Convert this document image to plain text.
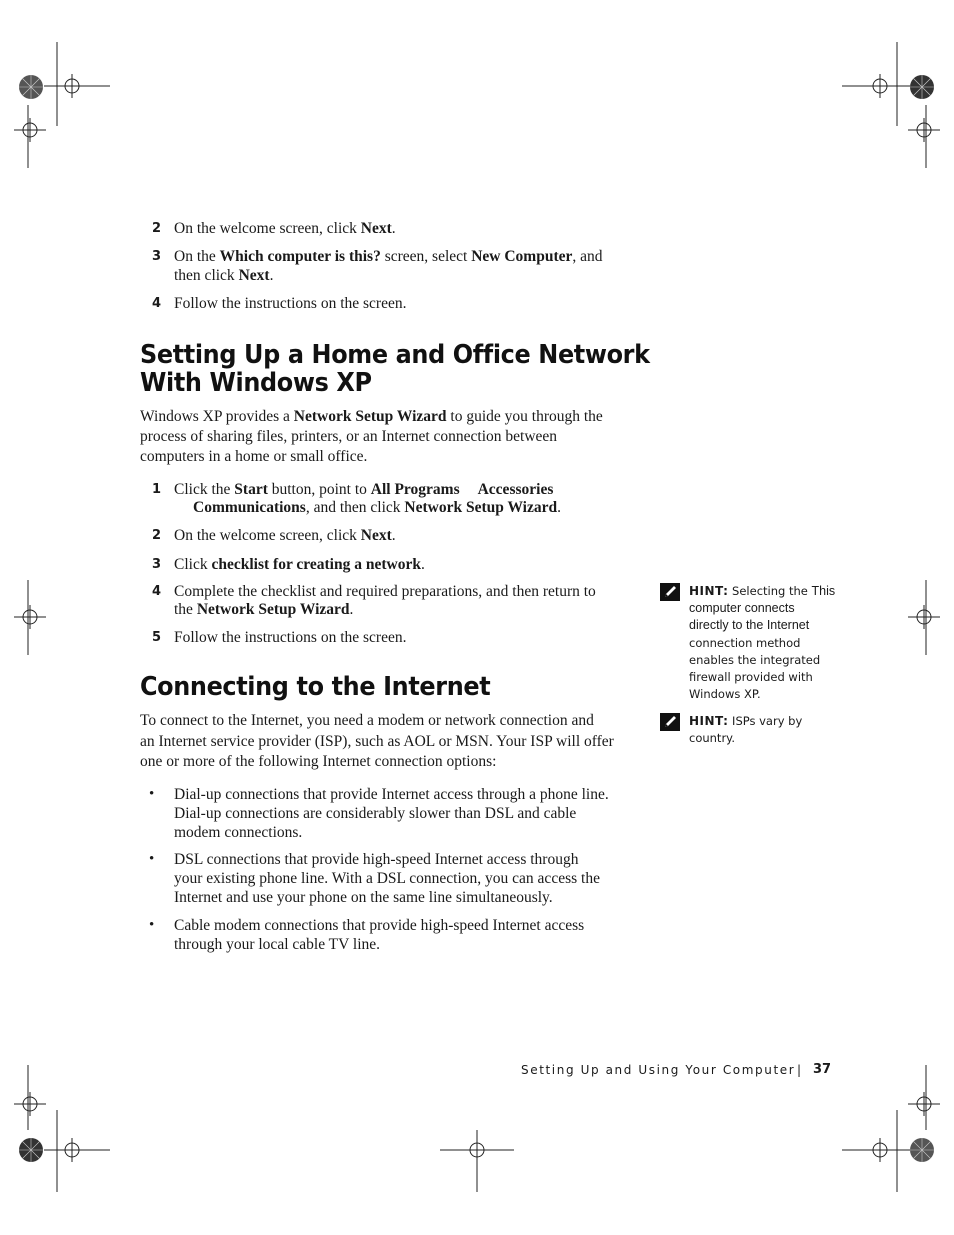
2 On the welcome screen, click Next.
3 On the Which computer is this? screen, select New Computer, and
then click Next.
4 Follow the instructions on the screen.
Setting Up a Home and Office Network
With Windows XP
Windows XP provides a Network Setup Wizard to guide you through the
process of sharing files, printers, or an Internet connection between
computers in a home or small office.
1 Click the Start button, point to All Programs Accessories
Communications, and then click Network Setup Wizard.
2 On the welcome screen, click Next.
3 Click checklist for creating a network.
4 Complete the checklist and required preparations, and then return to
the Network Setup Wizard.
5 Follow the instructions on the screen.
Connecting to the Internet
To connect to the Internet, you need a modem or network connection and
an Internet service provider (ISP), such as AOL or MSN. Your ISP will offer
one or more of the following Internet connection options:
• Dial-up connections that provide Internet access through a phone line.
Dial-up connections are considerably slower than DSL and cable
modem connections.
• DSL connections that provide high-speed Internet access through
your existing phone line. With a DSL connection, you can access the
Internet and use your phone on the same line simultaneously.
• Cable modem connections that provide high-speed Internet access
through your local cable TV line.
HINT: Selecting the This
computer connects
directly to the Internet
connection method
enables the integrated
firewall provided with
Windows XP.
HINT: ISPs vary by
country.
Setting Up and Using Your Computer | 37
